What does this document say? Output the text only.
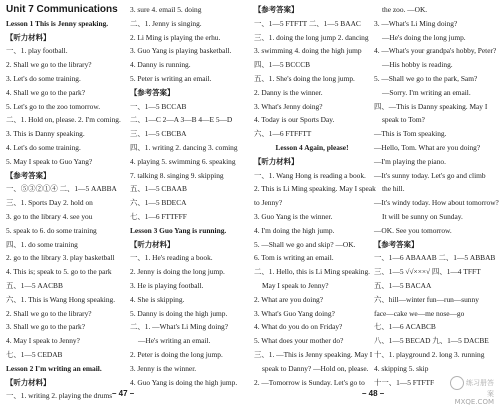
Unit 7 Communications
Lesson 1 This is Jenny speaking.
【听力材料】
一、1. play football.
2. Shall we go to the library?
3. Let's do some training.
4. Shall we go to the park?
5. Let's go to the zoo tomorrow.
二、1. Hold on, please. 2. I'm coming.
3. This is Danny speaking.
4. Let's do some training.
5. May I speak to Guo Yang?
【参考答案】
一、⑤③②①④ 二、1—5 AABBA
三、1. Sports Day 2. hold on
3. go to the library 4. see you
5. speak to 6. do some training
四、1. do some training
2. go to the library 3. play basketball
4. This is; speak to 5. go to the park
五、1—5 AACBB
六、1. This is Wang Hong speaking.
2. Shall we go to the library?
3. Shall we go to the park?
4. May I speak to Jenny?
七、1—5 CEDAB
Lesson 2 I'm writing an email.
【听力材料】
一、1. writing 2. playing the drums
3. sure 4. email 5. doing
二、1. Jenny is singing.
2. Li Ming is playing the erhu.
3. Guo Yang is playing basketball.
4. Danny is running.
5. Peter is writing an email.
【参考答案】
一、1—5 BCCAB
二、1—C 2—A 3—B 4—E 5—D
三、1—5 CBCBA
四、1. writing 2. dancing 3. coming
4. playing 5. swimming 6. speaking
7. talking 8. singing 9. skipping
五、1—5 CBAAB
六、1—5 BDECA
七、1—6 FTTFFF
Lesson 3 Guo Yang is running.
【听力材料】
一、1. He's reading a book.
2. Jenny is doing the long jump.
3. He is playing football.
4. She is skipping.
5. Danny is doing the high jump.
二、1. —What's Li Ming doing?
—He's writing an email.
2. Peter is doing the long jump.
3. Jenny is the winner.
4. Guo Yang is doing the high jump.
【参考答案】
一、1—5 FTFTT 二、1—5 BAAC
三、1. doing the long jump 2. dancing
3. swimming 4. doing the high jump
四、1—5 BCCCB
五、1. She's doing the long jump.
2. Danny is the winner.
3. What's Jenny doing?
4. Today is our Sports Day.
六、1—6 FTFFTT
Lesson 4 Again, please!
【听力材料】
一、1. Wang Hong is reading a book.
2. This is Li Ming speaking. May I speak
to Jenny?
3. Guo Yang is the winner.
4. I'm doing the high jump.
5. —Shall we go and skip? —OK.
6. Tom is writing an email.
二、1. Hello, this is Li Ming speaking.
May I speak to Jenny?
2. What are you doing?
3. What's Guo Yang doing?
4. What do you do on Friday?
5. What does your mother do?
三、1. —This is Jenny speaking. May I
speak to Danny? —Hold on, please.
2. —Tomorrow is Sunday. Let's go to
the zoo. —OK.
3. —What's Li Ming doing?
—He's doing the long jump.
4. —What's your grandpa's hobby, Peter?
—His hobby is reading.
5. —Shall we go to the park, Sam?
—Sorry. I'm writing an email.
四、—This is Danny speaking. May I
speak to Tom?
—This is Tom speaking.
—Hello, Tom. What are you doing?
—I'm playing the piano.
—It's sunny today. Let's go and climb
the hill.
—It's windy today. How about tomorrow?
It will be sunny on Sunday.
—OK. See you tomorrow.
【参考答案】
一、1—6 ABAAAB 二、1—5 ABBAB
三、1—5 √√×××√ 四、1—4 TFFT
五、1—5 BACAA
六、hill—winter fun—run—sunny
face—cake we—me nose—go
七、1—6 ACABCB
八、1—5 BECAD 九、1—5 DACBE
十、1. playground 2. long 3. running
4. skipping 5. skip
十一、1—5 FTFTF
– 47 –	– 48 –
练习册答案
MXQE.COM
